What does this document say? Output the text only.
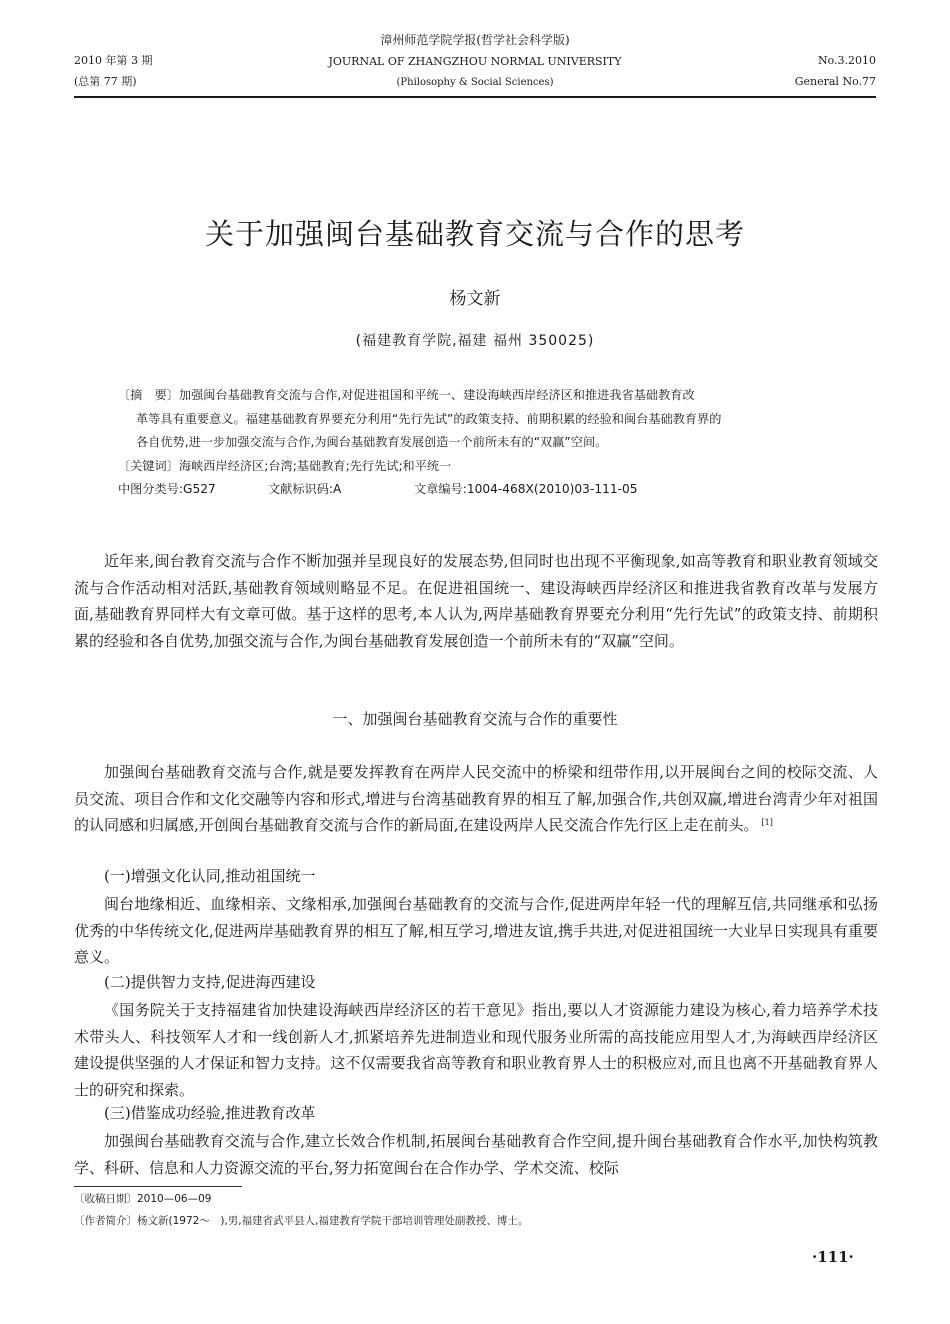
2010 年第 3 期
(总第 77 期)
漳州师范学院学报(哲学社会科学版)
JOURNAL OF ZHANGZHOU NORMAL UNIVERSITY
(Philosophy & Social Sciences)
No.3.2010
General No.77
关于加强闽台基础教育交流与合作的思考
杨文新
(福建教育学院,福建 福州 350025)
〔摘　要〕加强闽台基础教育交流与合作,对促进祖国和平统一、建设海峡西岸经济区和推进我省基础教育改
革等具有重要意义。福建基础教育界要充分利用“先行先试”的政策支持、前期积累的经验和闽台基础教育界的
各自优势,进一步加强交流与合作,为闽台基础教育发展创造一个前所未有的“双赢”空间。
〔关键词〕海峡西岸经济区;台湾;基础教育;先行先试;和平统一
中图分类号:G527	文献标识码:A	文章编号:1004-468X(2010)03-111-05

近年来,闽台教育交流与合作不断加强并呈现良好的发展态势,但同时也出现不平衡现象,如高等教育和职业教育领域交流与合作活动相对活跃,基础教育领域则略显不足。在促进祖国统一、建设海峡西岸经济区和推进我省教育改革与发展方面,基础教育界同样大有文章可做。基于这样的思考,本人认为,两岸基础教育界要充分利用“先行先试”的政策支持、前期积累的经验和各自优势,加强交流与合作,为闽台基础教育发展创造一个前所未有的“双赢”空间。

一、加强闽台基础教育交流与合作的重要性

加强闽台基础教育交流与合作,就是要发挥教育在两岸人民交流中的桥梁和纽带作用,以开展闽台之间的校际交流、人员交流、项目合作和文化交融等内容和形式,增进与台湾基础教育界的相互了解,加强合作,共创双赢,增进台湾青少年对祖国的认同感和归属感,开创闽台基础教育交流与合作的新局面,在建设两岸人民交流合作先行区上走在前头。 [1]

(一)增强文化认同,推动祖国统一

闽台地缘相近、血缘相亲、文缘相承,加强闽台基础教育的交流与合作,促进两岸年轻一代的理解互信,共同继承和弘扬优秀的中华传统文化,促进两岸基础教育界的相互了解,相互学习,增进友谊,携手共进,对促进祖国统一大业早日实现具有重要意义。

(二)提供智力支持,促进海西建设

《国务院关于支持福建省加快建设海峡西岸经济区的若干意见》指出,要以人才资源能力建设为核心,着力培养学术技术带头人、科技领军人才和一线创新人才,抓紧培养先进制造业和现代服务业所需的高技能应用型人才,为海峡西岸经济区建设提供坚强的人才保证和智力支持。这不仅需要我省高等教育和职业教育界人士的积极应对,而且也离不开基础教育界人士的研究和探索。

(三)借鉴成功经验,推进教育改革

加强闽台基础教育交流与合作,建立长效合作机制,拓展闽台基础教育合作空间,提升闽台基础教育合作水平,加快构筑教学、科研、信息和人力资源交流的平台,努力拓宽闽台在合作办学、学术交流、校际

〔收稿日期〕2010—06—09
〔作者简介〕杨文新(1972～　),男,福建省武平县人,福建教育学院干部培训管理处副教授、博士。
·111·
